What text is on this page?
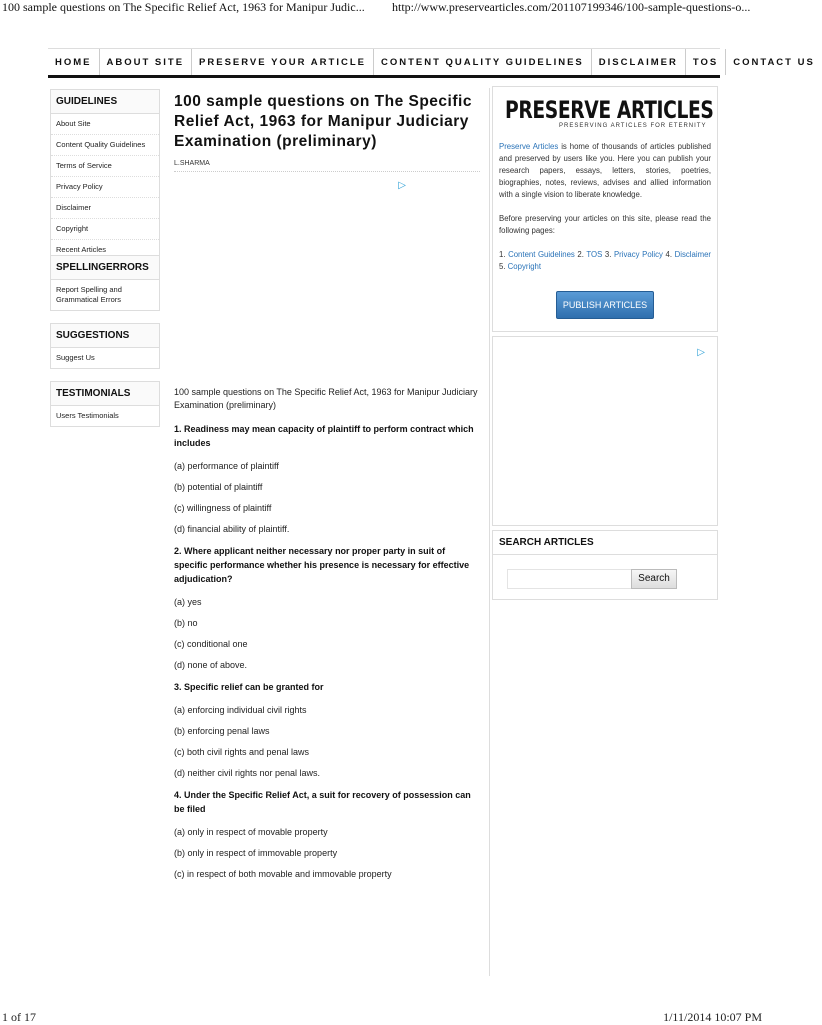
100 sample questions on The Specific Relief Act, 1963 for Manipur Judic... http://www.preservearticles.com/201107199346/100-sample-questions-o...
HOME	ABOUT SITE	PRESERVE YOUR ARTICLE	CONTENT QUALITY GUIDELINES	DISCLAIMER	TOS	CONTACT US
GUIDELINES
About Site
Content Quality Guidelines
Terms of Service
Privacy Policy
Disclaimer
Copyright
Recent Articles
SPELLINGERRORS
Report Spelling and Grammatical Errors
SUGGESTIONS
Suggest Us
TESTIMONIALS
Users Testimonials
100 sample questions on The Specific Relief Act, 1963 for Manipur Judiciary Examination (preliminary)
L.SHARMA
▷
100 sample questions on The Specific Relief Act, 1963 for Manipur Judiciary Examination (preliminary)
1. Readiness may mean capacity of plaintiff to perform contract which includes
(a) performance of plaintiff
(b) potential of plaintiff
(c) willingness of plaintiff
(d) financial ability of plaintiff.
2. Where applicant neither necessary nor proper party in suit of specific performance whether his presence is necessary for effective adjudication?
(a) yes
(b) no
(c) conditional one
(d) none of above.
3. Specific relief can be granted for
(a) enforcing individual civil rights
(b) enforcing penal laws
(c) both civil rights and penal laws
(d) neither civil rights nor penal laws.
4. Under the Specific Relief Act, a suit for recovery of possession can be filed
(a) only in respect of movable property
(b) only in respect of immovable property
(c) in respect of both movable and immovable property
PRESERVE ARTICLES
PRESERVING ARTICLES FOR ETERNITY
Preserve Articles is home of thousands of articles published and preserved by users like you. Here you can publish your research papers, essays, letters, stories, poetries, biographies, notes, reviews, advises and allied information with a single vision to liberate knowledge.
Before preserving your articles on this site, please read the following pages:
1. Content Guidelines 2. TOS 3. Privacy Policy 4. Disclaimer 5. Copyright
PUBLISH ARTICLES
▷
SEARCH ARTICLES
Search
1 of 17	1/11/2014 10:07 PM
